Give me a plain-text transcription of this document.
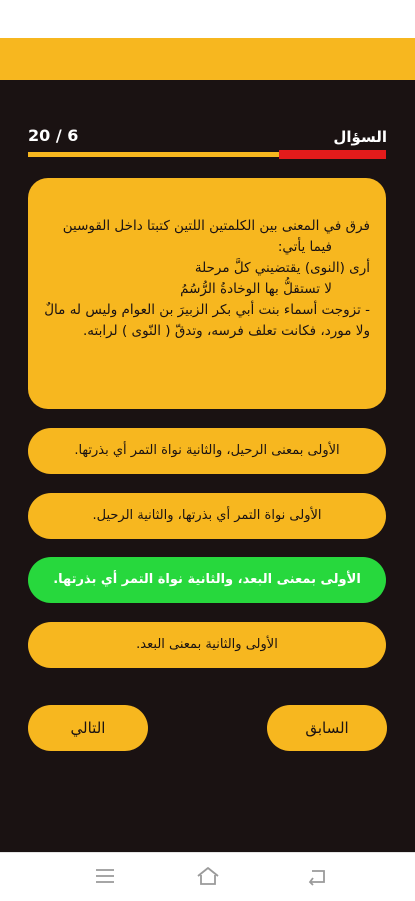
السؤال
20 / 6
فرق في المعنى بين الكلمتين اللتين كتبتا داخل القوسين
فيما يأتي:
أرى (النوى) يقتضيني كلَّ مرحلة
لا تستقلُّ بها الوخادةُ الرُّسُمُ
- تزوجت أسماء بنت أبي بكر الزبيرَ بن العوام وليس له مالٌ
ولا مورد، فكانت تعلف فرسه، وتدقّ ( النّوى ) لرابته.
الأولى بمعنى الرحيل، والثانية نواة التمر أي بذرتها.
الأولى نواة التمر أي بذرتها، والثانية الرحيل.
الأولى بمعنى البعد، والثانية نواة التمر أي بذرتها.
الأولى والثانية بمعنى البعد.
السابق
التالي
